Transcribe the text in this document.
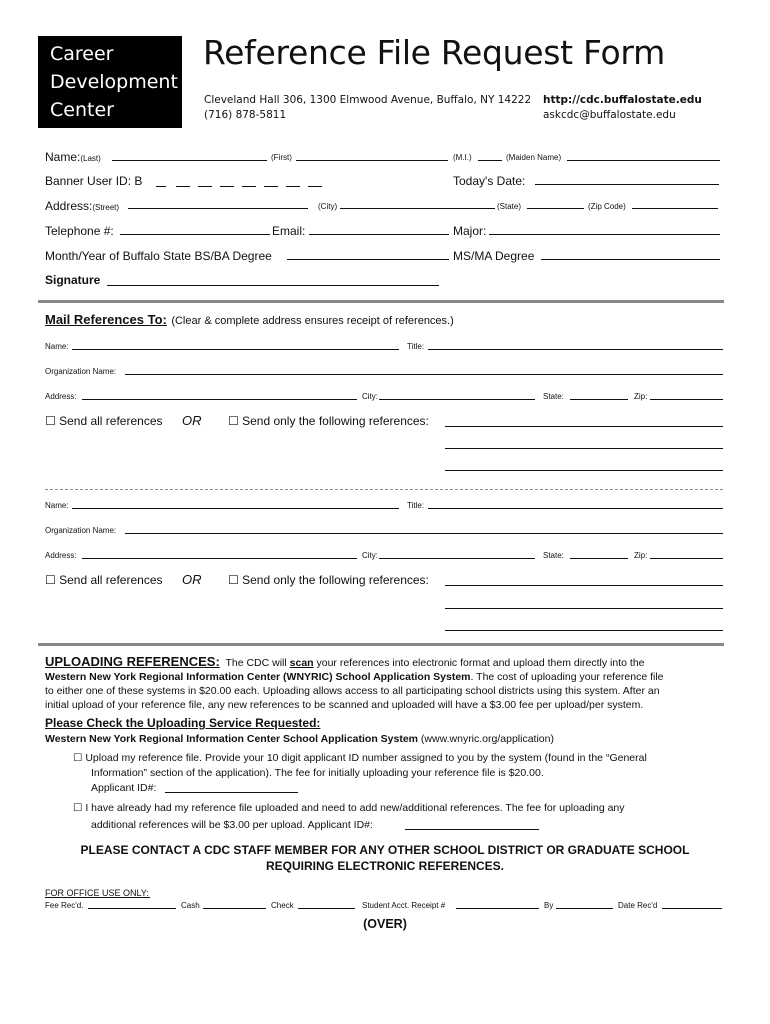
Career
Development
Center
Reference File Request Form
Cleveland Hall 306, 1300 Elmwood Avenue, Buffalo, NY 14222
(716) 878-5811
http://cdc.buffalostate.edu
askcdc@buffalostate.edu
Name:(Last)	(First)	(M.I.)	(Maiden Name)
Banner User ID: B	Today's Date:
Address:(Street)	(City)	(State)	(Zip Code)
Telephone #:	Email:	Major:
Month/Year of Buffalo State BS/BA Degree	MS/MA Degree
Signature
Mail References To: (Clear & complete address ensures receipt of references.)
Name:	Title:
Organization Name:
Address:	City:	State:	Zip:
☐ Send all references OR ☐ Send only the following references:
Name:	Title:
Organization Name:
Address:	City:	State:	Zip:
☐ Send all references OR ☐ Send only the following references:
UPLOADING REFERENCES: The CDC will scan your references into electronic format and upload them directly into the
Western New York Regional Information Center (WNYRIC) School Application System. The cost of uploading your reference file
to either one of these systems in $20.00 each. Uploading allows access to all participating school districts using this system. After an
initial upload of your reference file, any new references to be scanned and uploaded will have a $3.00 fee per upload/per system.
Please Check the Uploading Service Requested:
Western New York Regional Information Center School Application System (www.wnyric.org/application)
☐ Upload my reference file. Provide your 10 digit applicant ID number assigned to you by the system (found in the “General
Information” section of the application). The fee for initially uploading your reference file is $20.00.
Applicant ID#:
☐ I have already had my reference file uploaded and need to add new/additional references. The fee for uploading any
additional references will be $3.00 per upload. Applicant ID#:
PLEASE CONTACT A CDC STAFF MEMBER FOR ANY OTHER SCHOOL DISTRICT OR GRADUATE SCHOOL
REQUIRING ELECTRONIC REFERENCES.
FOR OFFICE USE ONLY:
Fee Rec'd.	Cash	Check	Student Acct. Receipt #	By	Date Rec'd
(OVER)
